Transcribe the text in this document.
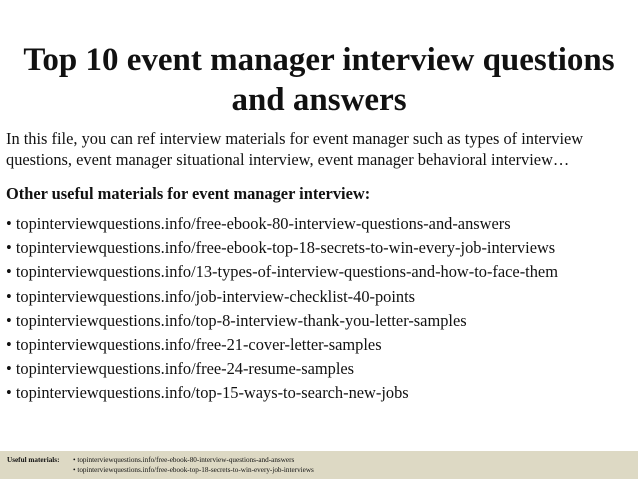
Top 10 event manager interview questions and answers

In this file, you can ref interview materials for event manager such as types of interview questions, event manager situational interview, event manager behavioral interview…

Other useful materials for event manager interview:

• topinterviewquestions.info/free-ebook-80-interview-questions-and-answers
• topinterviewquestions.info/free-ebook-top-18-secrets-to-win-every-job-interviews
• topinterviewquestions.info/13-types-of-interview-questions-and-how-to-face-them
• topinterviewquestions.info/job-interview-checklist-40-points
• topinterviewquestions.info/top-8-interview-thank-you-letter-samples
• topinterviewquestions.info/free-21-cover-letter-samples
• topinterviewquestions.info/free-24-resume-samples
• topinterviewquestions.info/top-15-ways-to-search-new-jobs
Useful materials:
•	topinterviewquestions.info/free-ebook-80-interview-questions-and-answers
• topinterviewquestions.info/free-ebook-top-18-secrets-to-win-every-job-interviews
